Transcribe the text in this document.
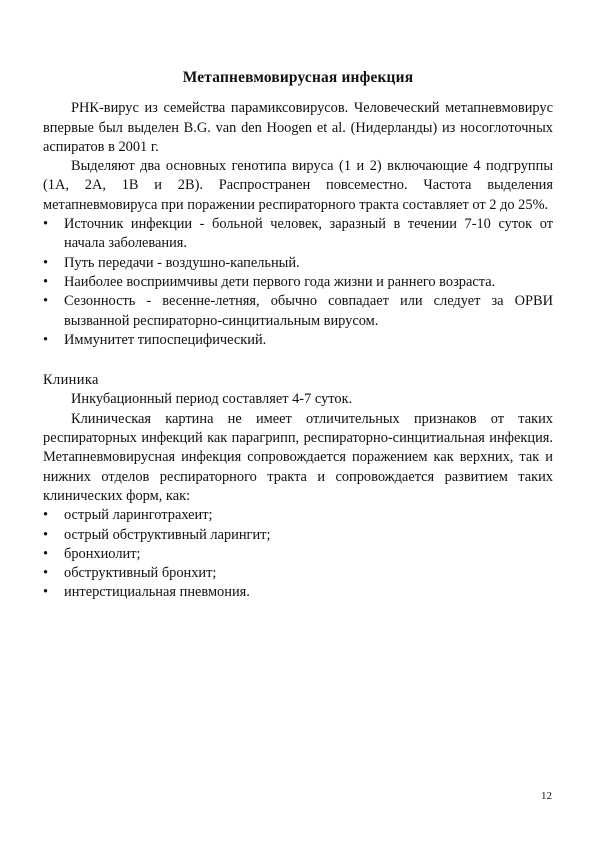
Метапневмовирусная инфекция

РНК-вирус из семейства парамиксовирусов. Человеческий метапневмовирус впервые был выделен B.G. van den Hoogen et al. (Нидерланды) из носоглоточных аспиратов в 2001 г.

Выделяют два основных генотипа вируса (1 и 2) включающие 4 подгруппы (1A, 2A, 1B и 2B). Распространен повсеместно. Частота выделения метапневмовируса при поражении респираторного тракта составляет от 2 до 25%.

• Источник инфекции - больной человек, заразный в течении 7-10 суток от начала заболевания.
• Путь передачи - воздушно-капельный.
• Наиболее восприимчивы дети первого года жизни и раннего возраста.
• Сезонность - весенне-летняя, обычно совпадает или следует за ОРВИ вызванной респираторно-синцитиальным вирусом.
• Иммунитет типоспецифический.
Клиника

Инкубационный период составляет 4-7 суток.

Клиническая картина не имеет отличительных признаков от таких респираторных инфекций как парагрипп, респираторно-синцитиальная инфекция. Метапневмовирусная инфекция сопровождается поражением как верхних, так и нижних отделов респираторного тракта и сопровождается развитием таких клинических форм, как:

• острый ларинготрахеит;
• острый обструктивный ларингит;
• бронхиолит;
• обструктивный бронхит;
• интерстициальная пневмония.
12
